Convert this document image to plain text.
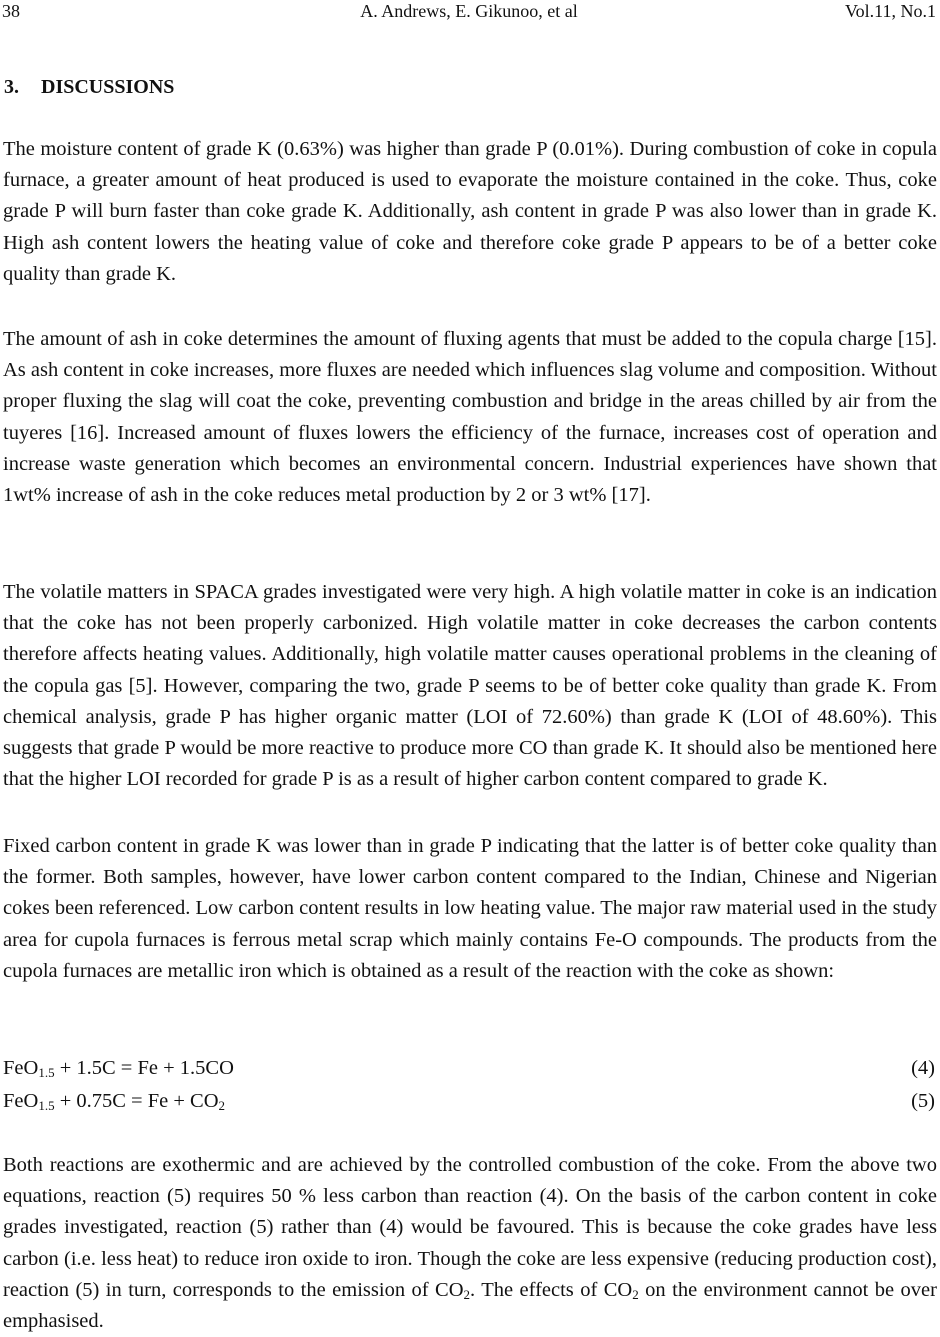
38	A. Andrews, E. Gikunoo, et al	Vol.11, No.1
3. DISCUSSIONS

The moisture content of grade K (0.63%) was higher than grade P (0.01%). During combustion of coke in copula furnace, a greater amount of heat produced is used to evaporate the moisture contained in the coke. Thus, coke grade P will burn faster than coke grade K. Additionally, ash content in grade P was also lower than in grade K. High ash content lowers the heating value of coke and therefore coke grade P appears to be of a better coke quality than grade K.

The amount of ash in coke determines the amount of fluxing agents that must be added to the copula charge [15]. As ash content in coke increases, more fluxes are needed which influences slag volume and composition. Without proper fluxing the slag will coat the coke, preventing combustion and bridge in the areas chilled by air from the tuyeres [16]. Increased amount of fluxes lowers the efficiency of the furnace, increases cost of operation and increase waste generation which becomes an environmental concern. Industrial experiences have shown that 1wt% increase of ash in the coke reduces metal production by 2 or 3 wt% [17].

The volatile matters in SPACA grades investigated were very high. A high volatile matter in coke is an indication that the coke has not been properly carbonized. High volatile matter in coke decreases the carbon contents therefore affects heating values. Additionally, high volatile matter causes operational problems in the cleaning of the copula gas [5]. However, comparing the two, grade P seems to be of better coke quality than grade K. From chemical analysis, grade P has higher organic matter (LOI of 72.60%) than grade K (LOI of 48.60%). This suggests that grade P would be more reactive to produce more CO than grade K. It should also be mentioned here that the higher LOI recorded for grade P is as a result of higher carbon content compared to grade K.

Fixed carbon content in grade K was lower than in grade P indicating that the latter is of better coke quality than the former. Both samples, however, have lower carbon content compared to the Indian, Chinese and Nigerian cokes been referenced. Low carbon content results in low heating value. The major raw material used in the study area for cupola furnaces is ferrous metal scrap which mainly contains Fe-O compounds. The products from the cupola furnaces are metallic iron which is obtained as a result of the reaction with the coke as shown:

FeO$_{1.5}$ + 1.5C = Fe + 1.5CO	(4)
$FeO_{1.5} + 0.75C = Fe + CO_2$	(5)

Both reactions are exothermic and are achieved by the controlled combustion of the coke. From the above two equations, reaction (5) requires 50 % less carbon than reaction (4). On the basis of the carbon content in coke grades investigated, reaction (5) rather than (4) would be favoured. This is because the coke grades have less carbon (i.e. less heat) to reduce iron oxide to iron. Though the coke are less expensive (reducing production cost), reaction (5) in turn, corresponds to the emission of $CO_2$. The effects of $CO_2$ on the environment cannot be over emphasised.
